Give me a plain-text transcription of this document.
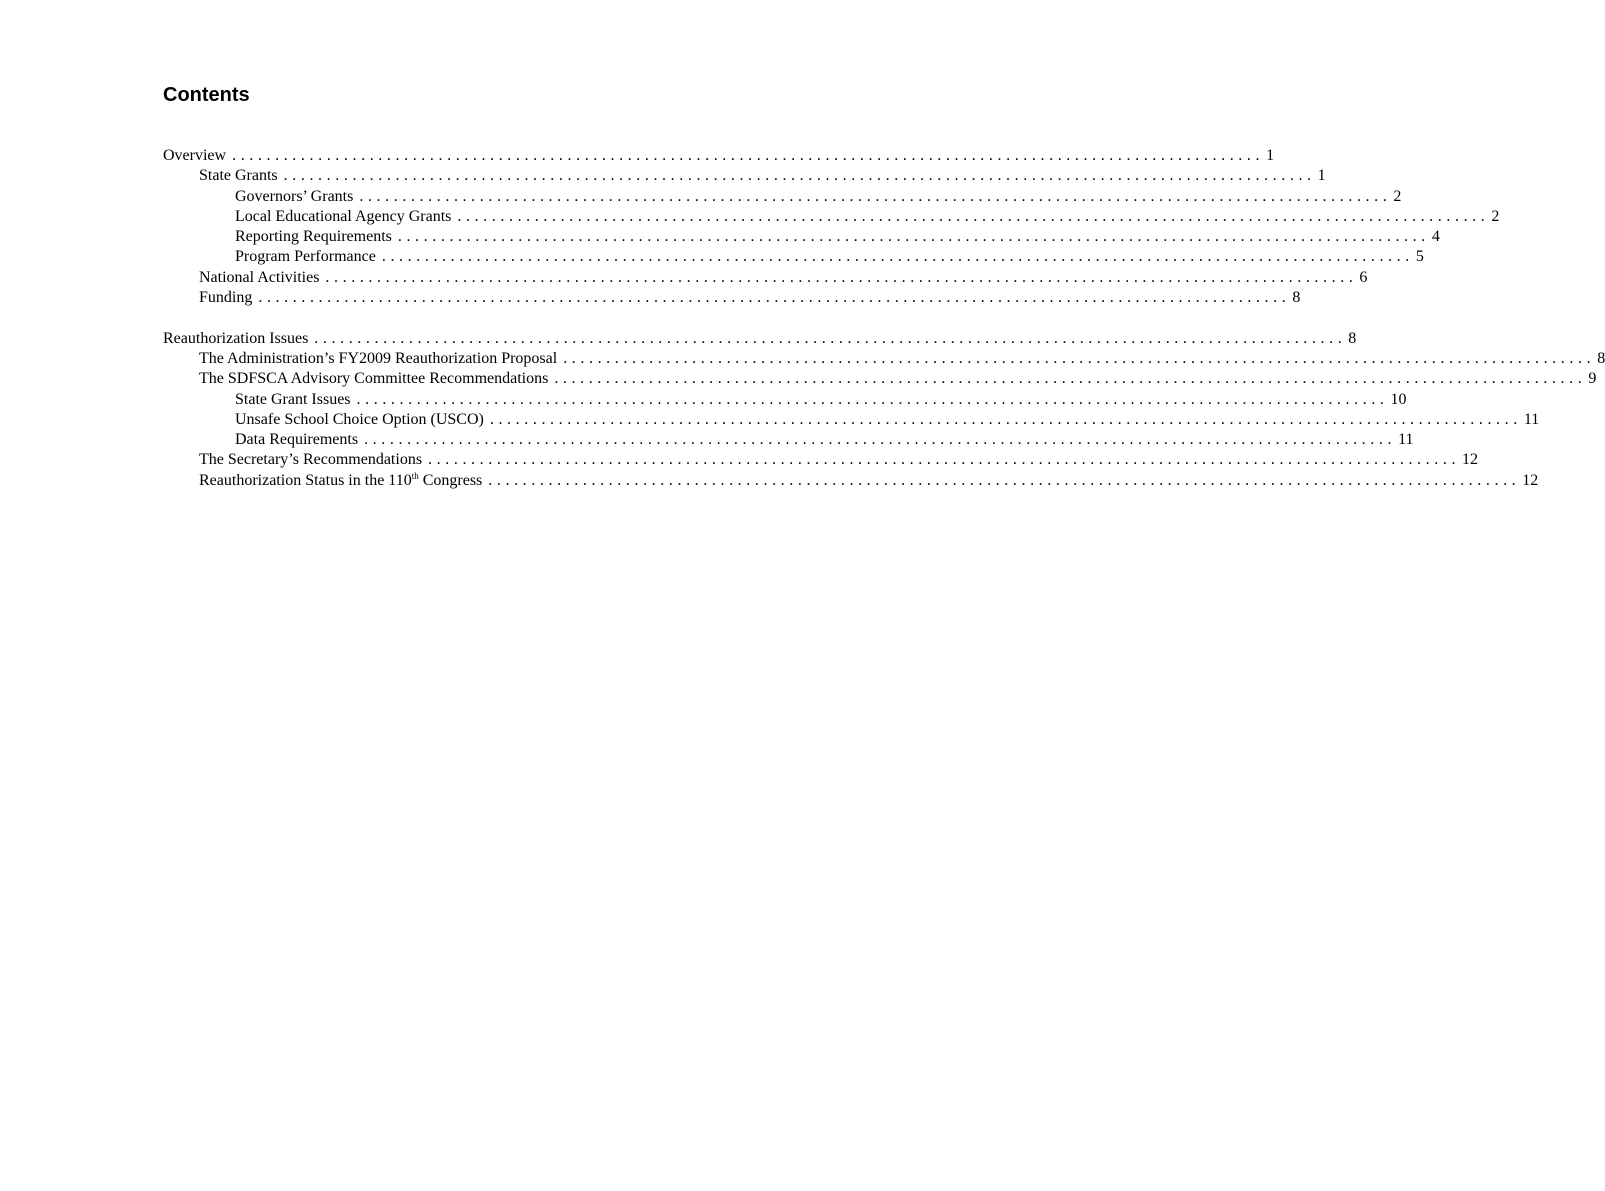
Contents
Overview ........................................................................................................................ 1
State Grants ........................................................................................................................ 1
Governors’ Grants ........................................................................................................................ 2
Local Educational Agency Grants ........................................................................................................................ 2
Reporting Requirements ........................................................................................................................ 4
Program Performance ........................................................................................................................ 5
National Activities ........................................................................................................................ 6
Funding ........................................................................................................................ 8
Reauthorization Issues ........................................................................................................................ 8
The Administration’s FY2009 Reauthorization Proposal ........................................................................................................................ 8
The SDFSCA Advisory Committee Recommendations ........................................................................................................................ 9
State Grant Issues ........................................................................................................................ 10
Unsafe School Choice Option (USCO) ........................................................................................................................ 11
Data Requirements ........................................................................................................................ 11
The Secretary’s Recommendations ........................................................................................................................ 12
Reauthorization Status in the 110th Congress ........................................................................................................................ 12
